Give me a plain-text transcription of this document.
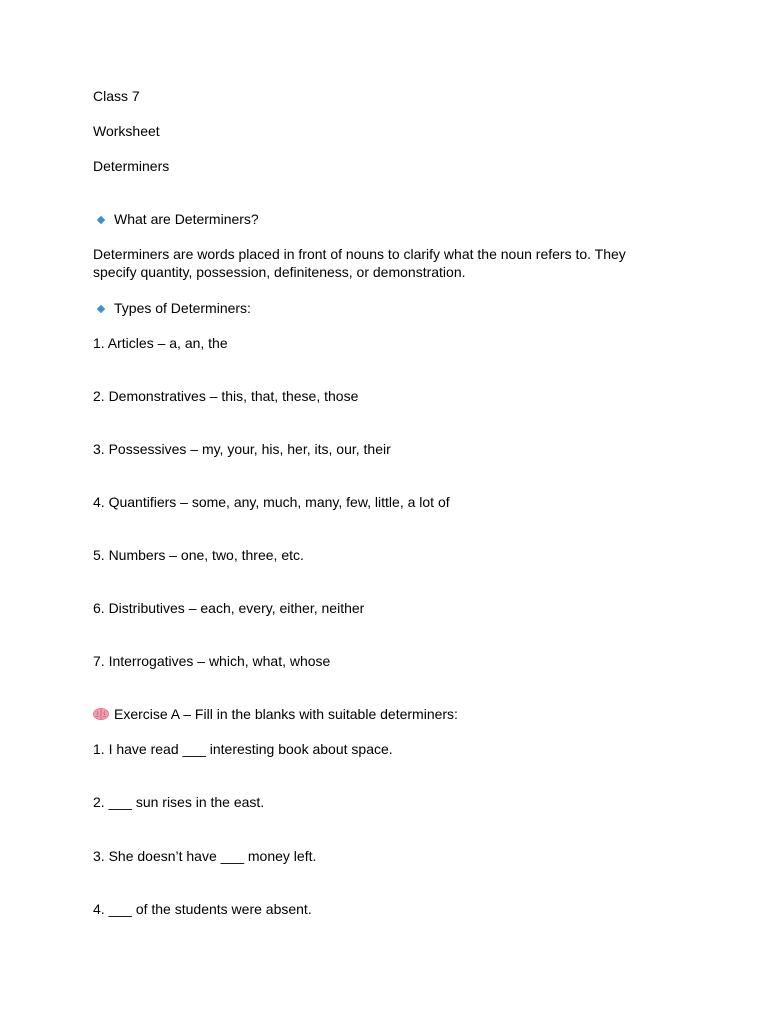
Class 7
Worksheet
Determiners
What are Determiners?
Determiners are words placed in front of nouns to clarify what the noun refers to. They specify quantity, possession, definiteness, or demonstration.
Types of Determiners:
1. Articles – a, an, the
2. Demonstratives – this, that, these, those
3. Possessives – my, your, his, her, its, our, their
4. Quantifiers – some, any, much, many, few, little, a lot of
5. Numbers – one, two, three, etc.
6. Distributives – each, every, either, neither
7. Interrogatives – which, what, whose
Exercise A – Fill in the blanks with suitable determiners:
1. I have read ___ interesting book about space.
2. ___ sun rises in the east.
3. She doesn’t have ___ money left.
4. ___ of the students were absent.
